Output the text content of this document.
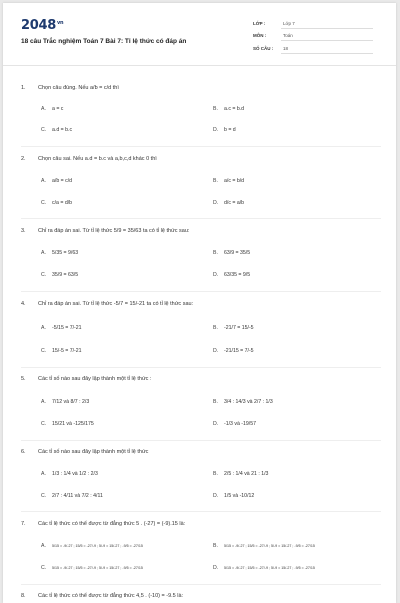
$2048^{vn}$
18 câu Trắc nghiệm Toán 7 Bài 7: Tỉ lệ thức có đáp án
LỚP :	Lớp 7
MÔN :	Toán
SỐ CÂU : 18
1. Chọn câu đúng. Nếu a/b = c/d thì
A. a = c	B. a.c = b.d
C. a.d = b.c	D. b = d
2. Chọn câu sai. Nếu a.d = b.c và a,b,c,d khác 0 thì
A. a/b = c/d	B. a/c = b/d
C. c/a = d/b	D. d/c = a/b
3. Chỉ ra đáp án sai. Từ tỉ lệ thức 5/9 = 35/63 ta có tỉ lệ thức sau:
A. 5/35 = 9/63	B. 63/9 = 35/5
C. 35/9 = 63/5	D. 63/35 = 9/5
4. Chỉ ra đáp án sai. Từ tỉ lệ thức -5/7 = 15/-21 ta có tỉ lệ thức sau:
A. -5/15 = 7/-21	B. -21/7 = 15/-5
C. 15/-5 = 7/-21	D. -21/15 = 7/-5
5. Các tỉ số nào sau đây lập thành một tỉ lệ thức :
A. 7/12 và 8/7 : 2/3	B. 3/4 : 14/3 và 2/7 : 1/3
C. 15/21 và -125/175	D. -1/3 và -19/57
6. Các tỉ số nào sau đây lập thành một tỉ lệ thức
A. 1/3 : 1/4 và 1/2 : 2/3	B. 2/5 : 1/4 và 21 : 1/3
C. 2/7 : 4/11 và 7/2 : 4/11	D. 1/5 và -10/12
7. Các tỉ lệ thức có thể được từ đẳng thức 5 . (-27) = (-9).15 là:
A. 5/15 = -9/-27 ; 15/5 = -27/-9 ; 5/-9 = 15/-27 ; -9/5 = -27/15	B. 5/15 = -9/-27 ; 15/5 = -27/-9 ; 5/-9 = 15/-27 ; -9/5 = -27/15
C. 5/15 = -9/-27 ; 15/5 = -27/-9 ; 5/-9 = 15/-27 ; -9/5 = -27/15	D. 5/15 = -9/-27 ; 15/5 = -27/-9 ; 5/-9 = 15/-27 ; -9/5 = -27/15
8. Các tỉ lệ thức có thể được từ đẳng thức 4,5 . (-10) = -9.5 là:
